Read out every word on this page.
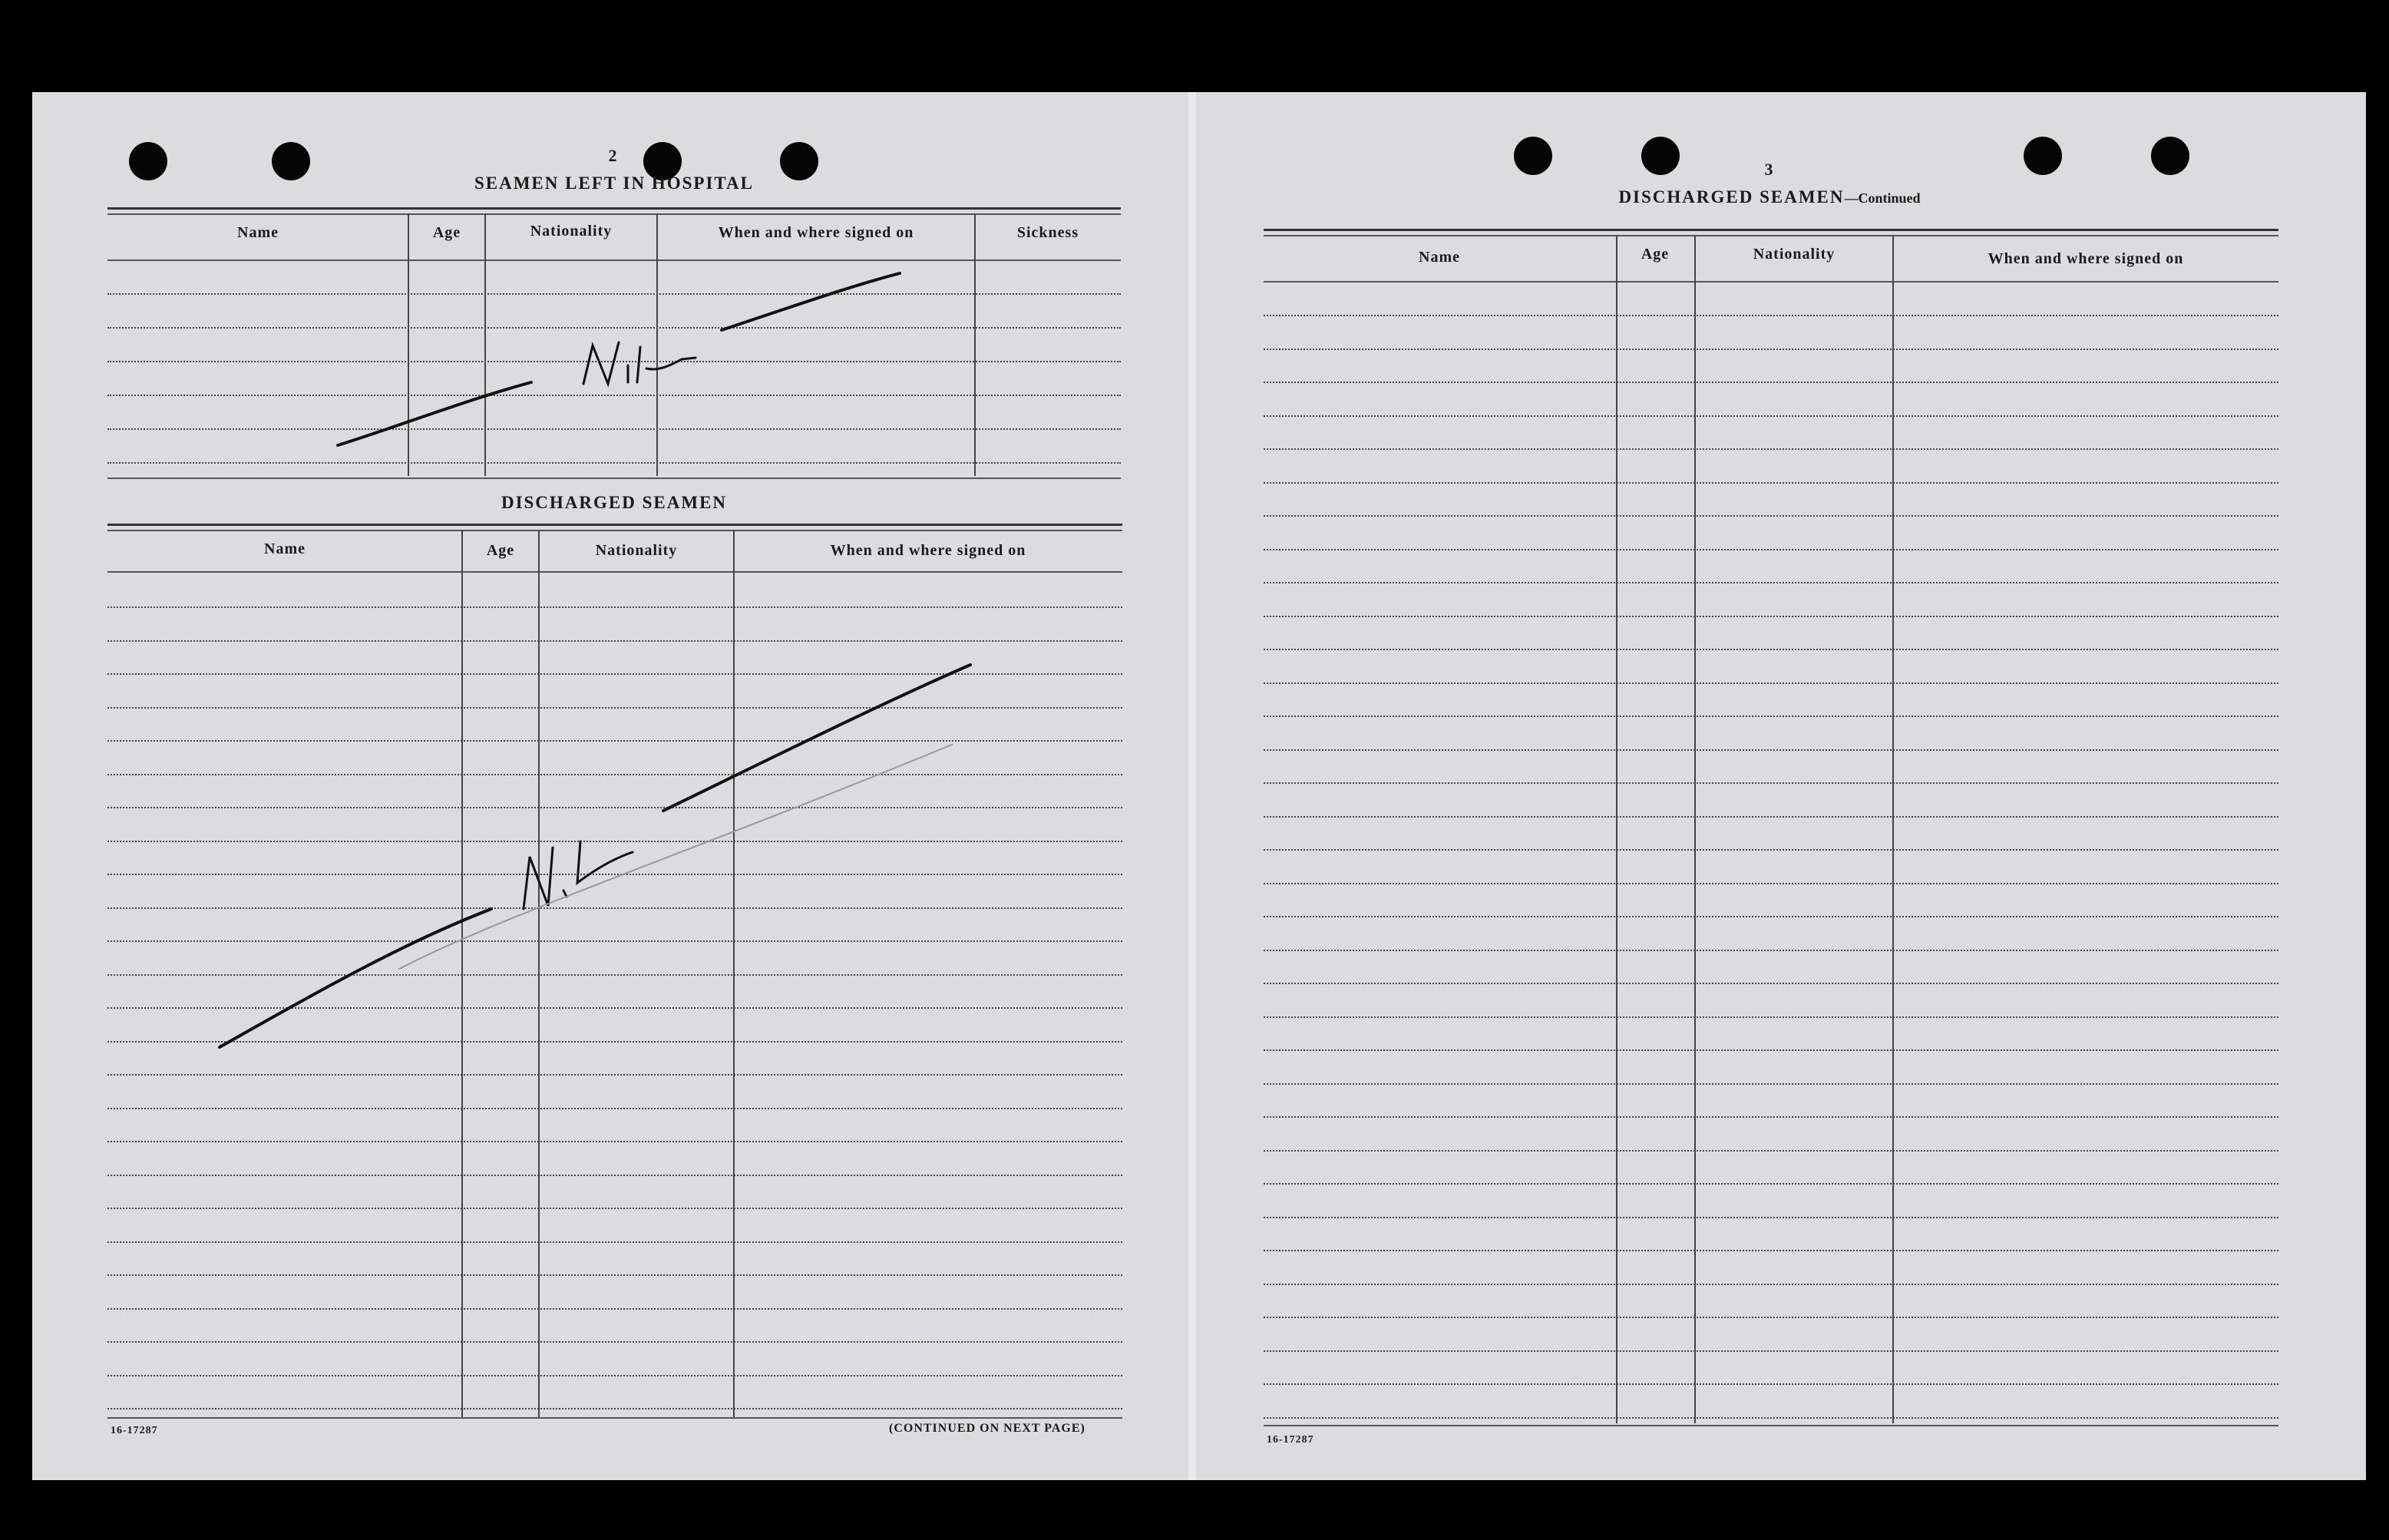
2
SEAMEN LEFT IN HOSPITAL
Name	Age	Nationality	When and where signed on	Sickness
DISCHARGED SEAMEN
Name	Age	Nationality	When and where signed on
16-17287	(CONTINUED ON NEXT PAGE)
3
DISCHARGED SEAMEN—Continued
Name	Age	Nationality	When and where signed on
16-17287
